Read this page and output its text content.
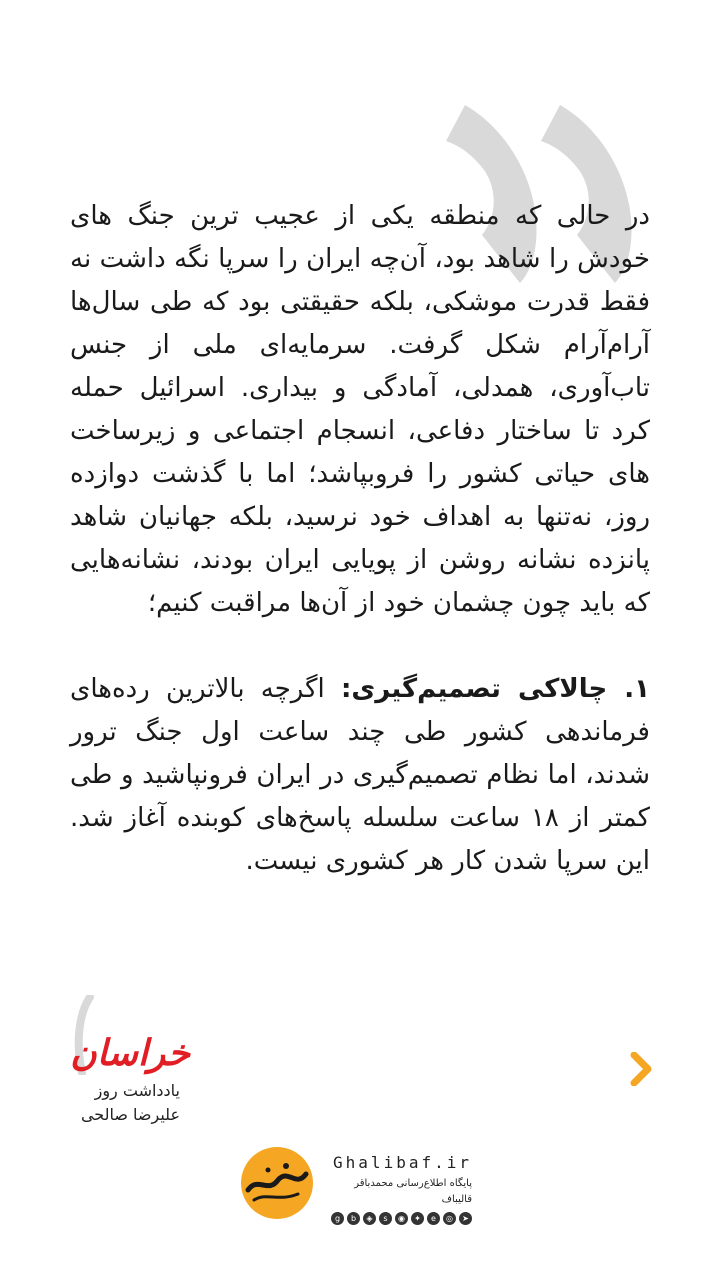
در حالی که منطقه یکی از عجیب ترین جنگ های خودش را شاهد بود، آن‌چه ایران را سرپا نگه داشت نه فقط قدرت موشکی، بلکه حقیقتی بود که طی سال‌ها آرام‌آرام شکل گرفت. سرمایه‌ای ملی از جنس تاب‌آوری، همدلی، آمادگی و بیداری. اسرائیل حمله کرد تا ساختار دفاعی، انسجام اجتماعی و زیرساخت های حیاتی کشور را فروبپاشد؛ اما با گذشت دوازده روز، نه‌تنها به اهداف خود نرسید، بلکه جهانیان شاهد پانزده نشانه روشن از پویایی ایران بودند، نشانه‌هایی که باید چون چشمان خود از آن‌ها مراقبت کنیم؛

۱. چالاکی تصمیم‌گیری: اگرچه بالاترین رده‌های فرماندهی کشور طی چند ساعت اول جنگ ترور شدند، اما نظام تصمیم‌گیری در ایران فرونپاشید و طی کمتر از ۱۸ ساعت سلسله پاسخ‌های کوبنده آغاز شد. این سرپا شدن کار هر کشوری نیست.

خراسان
یادداشت روز
علیرضا صالحی
Ghalibaf.ir
پایگاه اطلاع‌رسانی محمدباقر قالیباف
➤
◎
e
✦
◉
s
◈
b
g
